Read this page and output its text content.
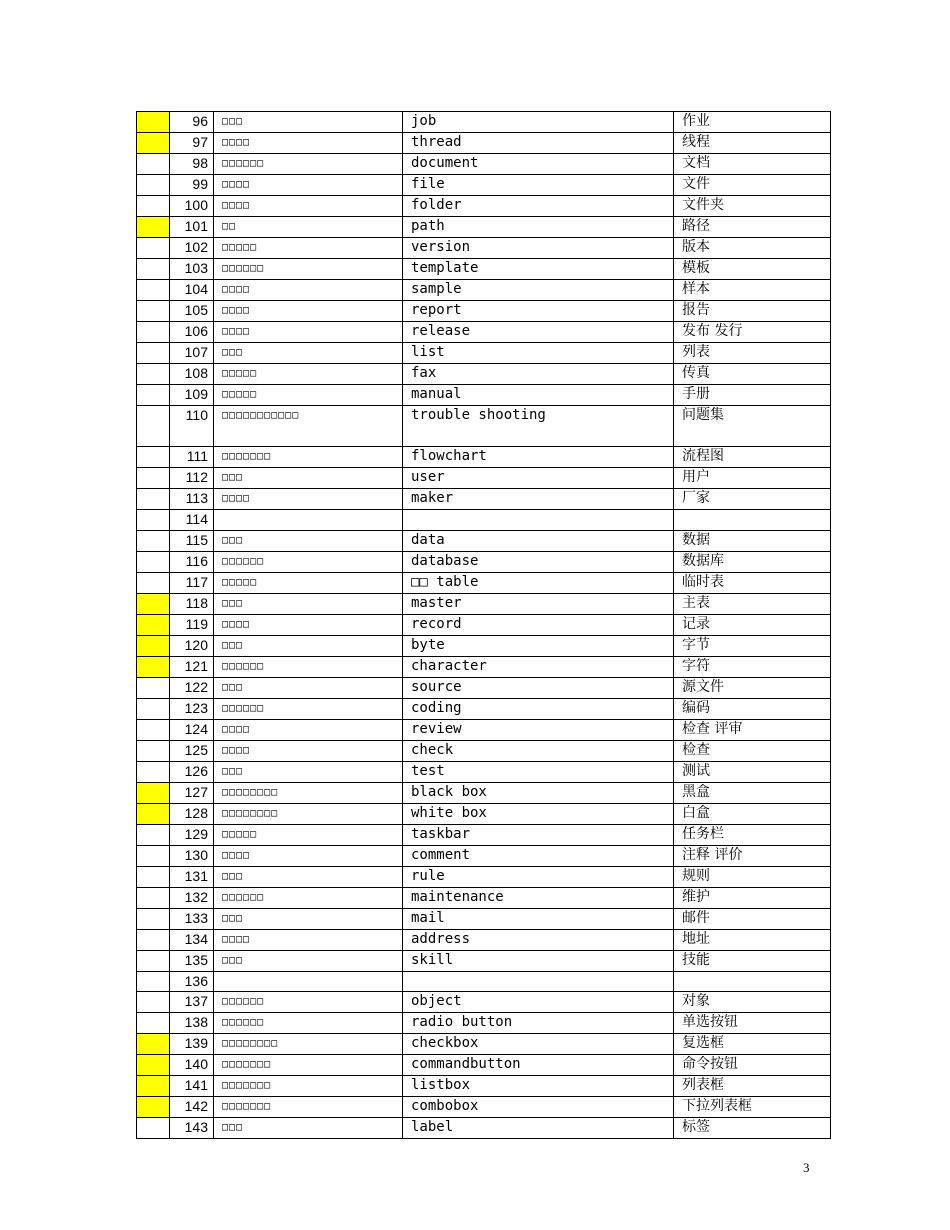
	96	□□□	job	作业
	97	□□□□	thread	线程
	98	□□□□□□	document	文档
	99	□□□□	file	文件
	100	□□□□	folder	文件夹
	101	□□	path	路径
	102	□□□□□	version	版本
	103	□□□□□□	template	模板
	104	□□□□	sample	样本
	105	□□□□	report	报告
	106	□□□□	release	发布 发行
	107	□□□	list	列表
	108	□□□□□	fax	传真
	109	□□□□□	manual	手册
	110	□□□□□□□□□□□	trouble shooting	问题集
	111	□□□□□□□	flowchart	流程图
	112	□□□	user	用户
	113	□□□□	maker	厂家
	114			
	115	□□□	data	数据
	116	□□□□□□	database	数据库
	117	□□□□□	□□ table	临时表
	118	□□□	master	主表
	119	□□□□	record	记录
	120	□□□	byte	字节
	121	□□□□□□	character	字符
	122	□□□	source	源文件
	123	□□□□□□	coding	编码
	124	□□□□	review	检查 评审
	125	□□□□	check	检查
	126	□□□	test	测试
	127	□□□□□□□□	black box	黑盒
	128	□□□□□□□□	white box	白盒
	129	□□□□□	taskbar	任务栏
	130	□□□□	comment	注释 评价
	131	□□□	rule	规则
	132	□□□□□□	maintenance	维护
	133	□□□	mail	邮件
	134	□□□□	address	地址
	135	□□□	skill	技能
	136			
	137	□□□□□□	object	对象
	138	□□□□□□	radio button	单选按钮
	139	□□□□□□□□	checkbox	复选框
	140	□□□□□□□	commandbutton	命令按钮
	141	□□□□□□□	listbox	列表框
	142	□□□□□□□	combobox	下拉列表框
	143	□□□	label	标签
3
